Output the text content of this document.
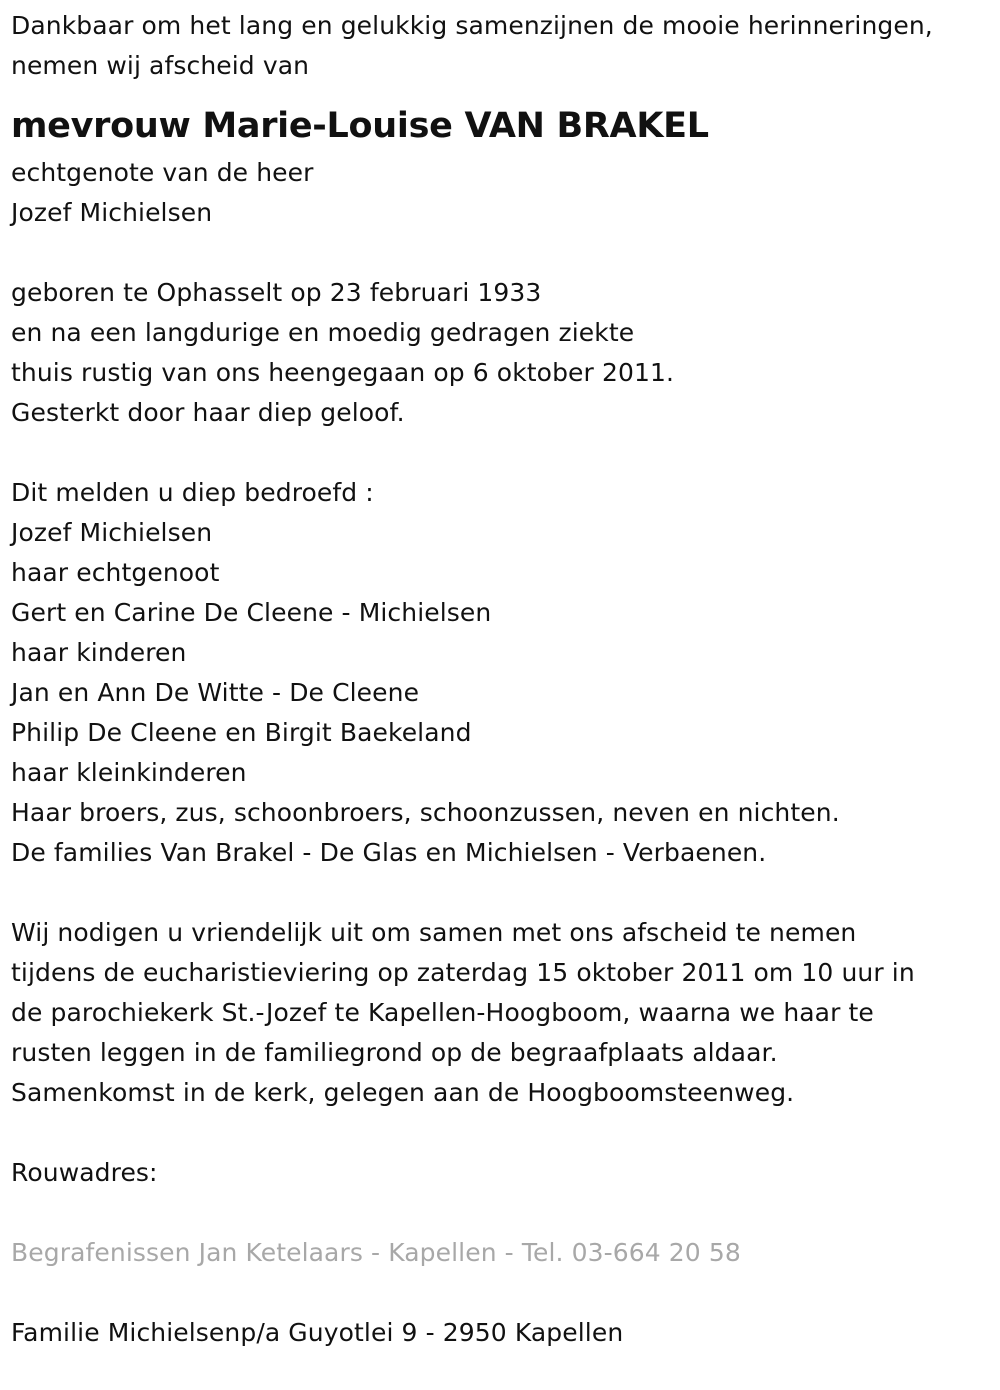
Dankbaar om het lang en gelukkig samenzijnen de mooie herinneringen,
nemen wij afscheid van
mevrouw Marie-Louise VAN BRAKEL
echtgenote van de heer
Jozef Michielsen
geboren te Ophasselt op 23 februari 1933
en na een langdurige en moedig gedragen ziekte
thuis rustig van ons heengegaan op 6 oktober 2011.
Gesterkt door haar diep geloof.
Dit melden u diep bedroefd :
Jozef Michielsen
haar echtgenoot
Gert en Carine De Cleene - Michielsen
haar kinderen
Jan en Ann De Witte - De Cleene
Philip De Cleene en Birgit Baekeland
haar kleinkinderen
Haar broers, zus, schoonbroers, schoonzussen, neven en nichten.
De families Van Brakel - De Glas en Michielsen - Verbaenen.
Wij nodigen u vriendelijk uit om samen met ons afscheid te nemen
tijdens de eucharistieviering op zaterdag 15 oktober 2011 om 10 uur in
de parochiekerk St.-Jozef te Kapellen-Hoogboom, waarna we haar te
rusten leggen in de familiegrond op de begraafplaats aldaar.
Samenkomst in de kerk, gelegen aan de Hoogboomsteenweg.
Rouwadres:
Begrafenissen Jan Ketelaars - Kapellen - Tel. 03-664 20 58
Familie Michielsenp/a Guyotlei 9 - 2950 Kapellen
